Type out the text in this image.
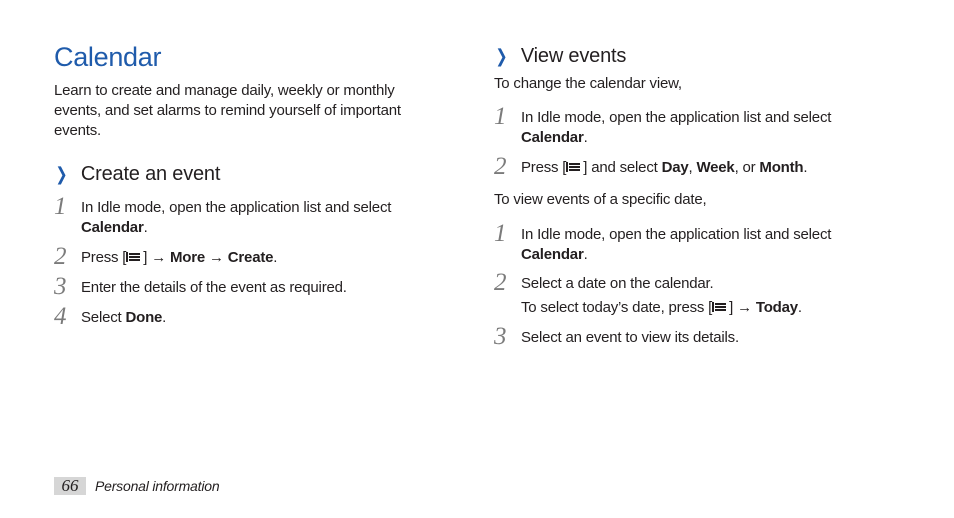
Calendar

Learn to create and manage daily, weekly or monthly events, and set alarms to remind yourself of important events.

❯ Create an event
1 In Idle mode, open the application list and select
Calendar.

2 Press [ ] → More → Create.

3 Enter the details of the event as required.

4 Select Done.

❯ View events

To change the calendar view,

1 In Idle mode, open the application list and select
Calendar.

2 Press [ ] and select Day, Week, or Month.

To view events of a specific date,

1 In Idle mode, open the application list and select
Calendar.

2 Select a date on the calendar.
To select today’s date, press [ ] → Today.

3 Select an event to view its details.

66	Personal information
